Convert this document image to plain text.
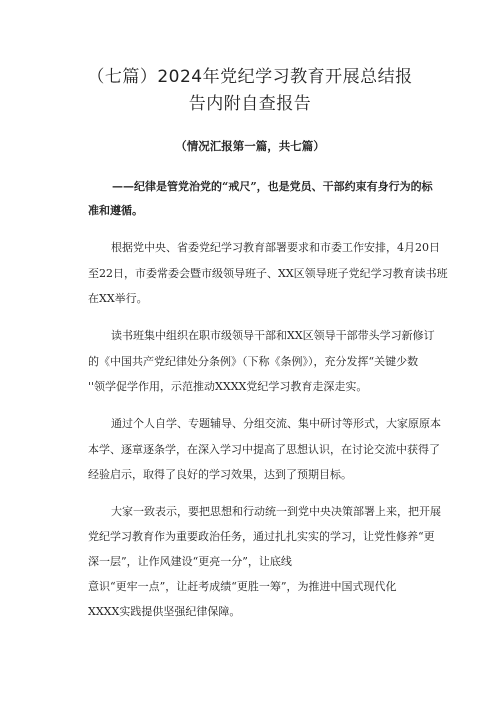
（七篇）2024年党纪学习教育开展总结报
告内附自查报告
（情况汇报第一篇，共七篇）
——纪律是管党治党的“戒尺”，也是党员、干部约束有身行为的标
准和遵循。
根据党中央、省委党纪学习教育部署要求和市委工作安排，4月20日
至22日，市委常委会暨市级领导班子、XX区领导班子党纪学习教育读书班
在XX举行。
读书班集中组织在职市级领导干部和XX区领导干部带头学习新修订
的《中国共产党纪律处分条例》（下称《条例》），充分发挥“关键少数
''领学促学作用，示范推动XXXX党纪学习教育走深走实。
通过个人自学、专题辅导、分组交流、集中研讨等形式，大家原原本
本学、逐章逐条学，在深入学习中提高了思想认识，在讨论交流中获得了
经验启示，取得了良好的学习效果，达到了预期目标。
大家一致表示，要把思想和行动统一到党中央决策部署上来，把开展
党纪学习教育作为重要政治任务，通过扎扎实实的学习，让党性修养“更
深一层”，让作风建设“更亮一分”，让底线
意识“更牢一点”，让赶考成绩“更胜一筹”，为推进中国式现代化
XXXX实践提供坚强纪律保障。
